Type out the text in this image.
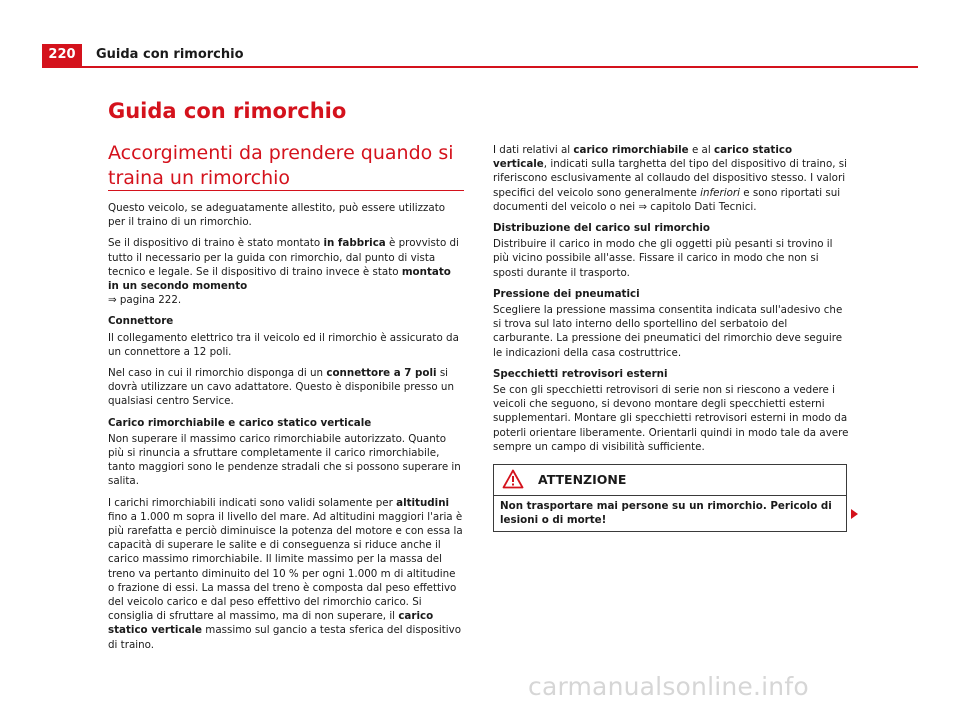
220	Guida con rimorchio
Guida con rimorchio
Accorgimenti da prendere quando si traina un rimorchio

Questo veicolo, se adeguatamente allestito, può essere utilizzato per il traino di un rimorchio.

Se il dispositivo di traino è stato montato in fabbrica è provvisto di tutto il necessario per la guida con rimorchio, dal punto di vista tecnico e legale. Se il dispositivo di traino invece è stato montato in un secondo momento
⇒ pagina 222.

Connettore

Il collegamento elettrico tra il veicolo ed il rimorchio è assicurato da un connettore a 12 poli.

Nel caso in cui il rimorchio disponga di un connettore a 7 poli si dovrà utilizzare un cavo adattatore. Questo è disponibile presso un qualsiasi centro Service.

Carico rimorchiabile e carico statico verticale

Non superare il massimo carico rimorchiabile autorizzato. Quanto più si rinuncia a sfruttare completamente il carico rimorchiabile, tanto maggiori sono le pendenze stradali che si possono superare in salita.

I carichi rimorchiabili indicati sono validi solamente per altitudini fino a 1.000 m sopra il livello del mare. Ad altitudini maggiori l'aria è più rarefatta e perciò diminuisce la potenza del motore e con essa la capacità di superare le salite e di conseguenza si riduce anche il carico massimo rimorchiabile. Il limite massimo per la massa del treno va pertanto diminuito del 10 % per ogni 1.000 m di altitudine o frazione di essi. La massa del treno è composta dal peso effettivo del veicolo carico e dal peso effettivo del rimorchio carico. Si consiglia di sfruttare al massimo, ma di non superare, il carico statico verticale massimo sul gancio a testa sferica del dispositivo di traino.

I dati relativi al carico rimorchiabile e al carico statico verticale, indicati sulla targhetta del tipo del dispositivo di traino, si riferiscono esclusivamente al collaudo del dispositivo stesso. I valori specifici del veicolo sono generalmente inferiori e sono riportati sui documenti del veicolo o nei ⇒ capitolo Dati Tecnici.

Distribuzione del carico sul rimorchio

Distribuire il carico in modo che gli oggetti più pesanti si trovino il più vicino possibile all'asse. Fissare il carico in modo che non si sposti durante il trasporto.

Pressione dei pneumatici

Scegliere la pressione massima consentita indicata sull'adesivo che si trova sul lato interno dello sportellino del serbatoio del carburante. La pressione dei pneumatici del rimorchio deve seguire le indicazioni della casa costruttrice.

Specchietti retrovisori esterni

Se con gli specchietti retrovisori di serie non si riescono a vedere i veicoli che seguono, si devono montare degli specchietti esterni supplementari. Montare gli specchietti retrovisori esterni in modo da poterli orientare liberamente. Orientarli quindi in modo tale da avere sempre un campo di visibilità sufficiente.

ATTENZIONE
Non trasportare mai persone su un rimorchio. Pericolo di lesioni o di morte!
carmanualsonline.info
